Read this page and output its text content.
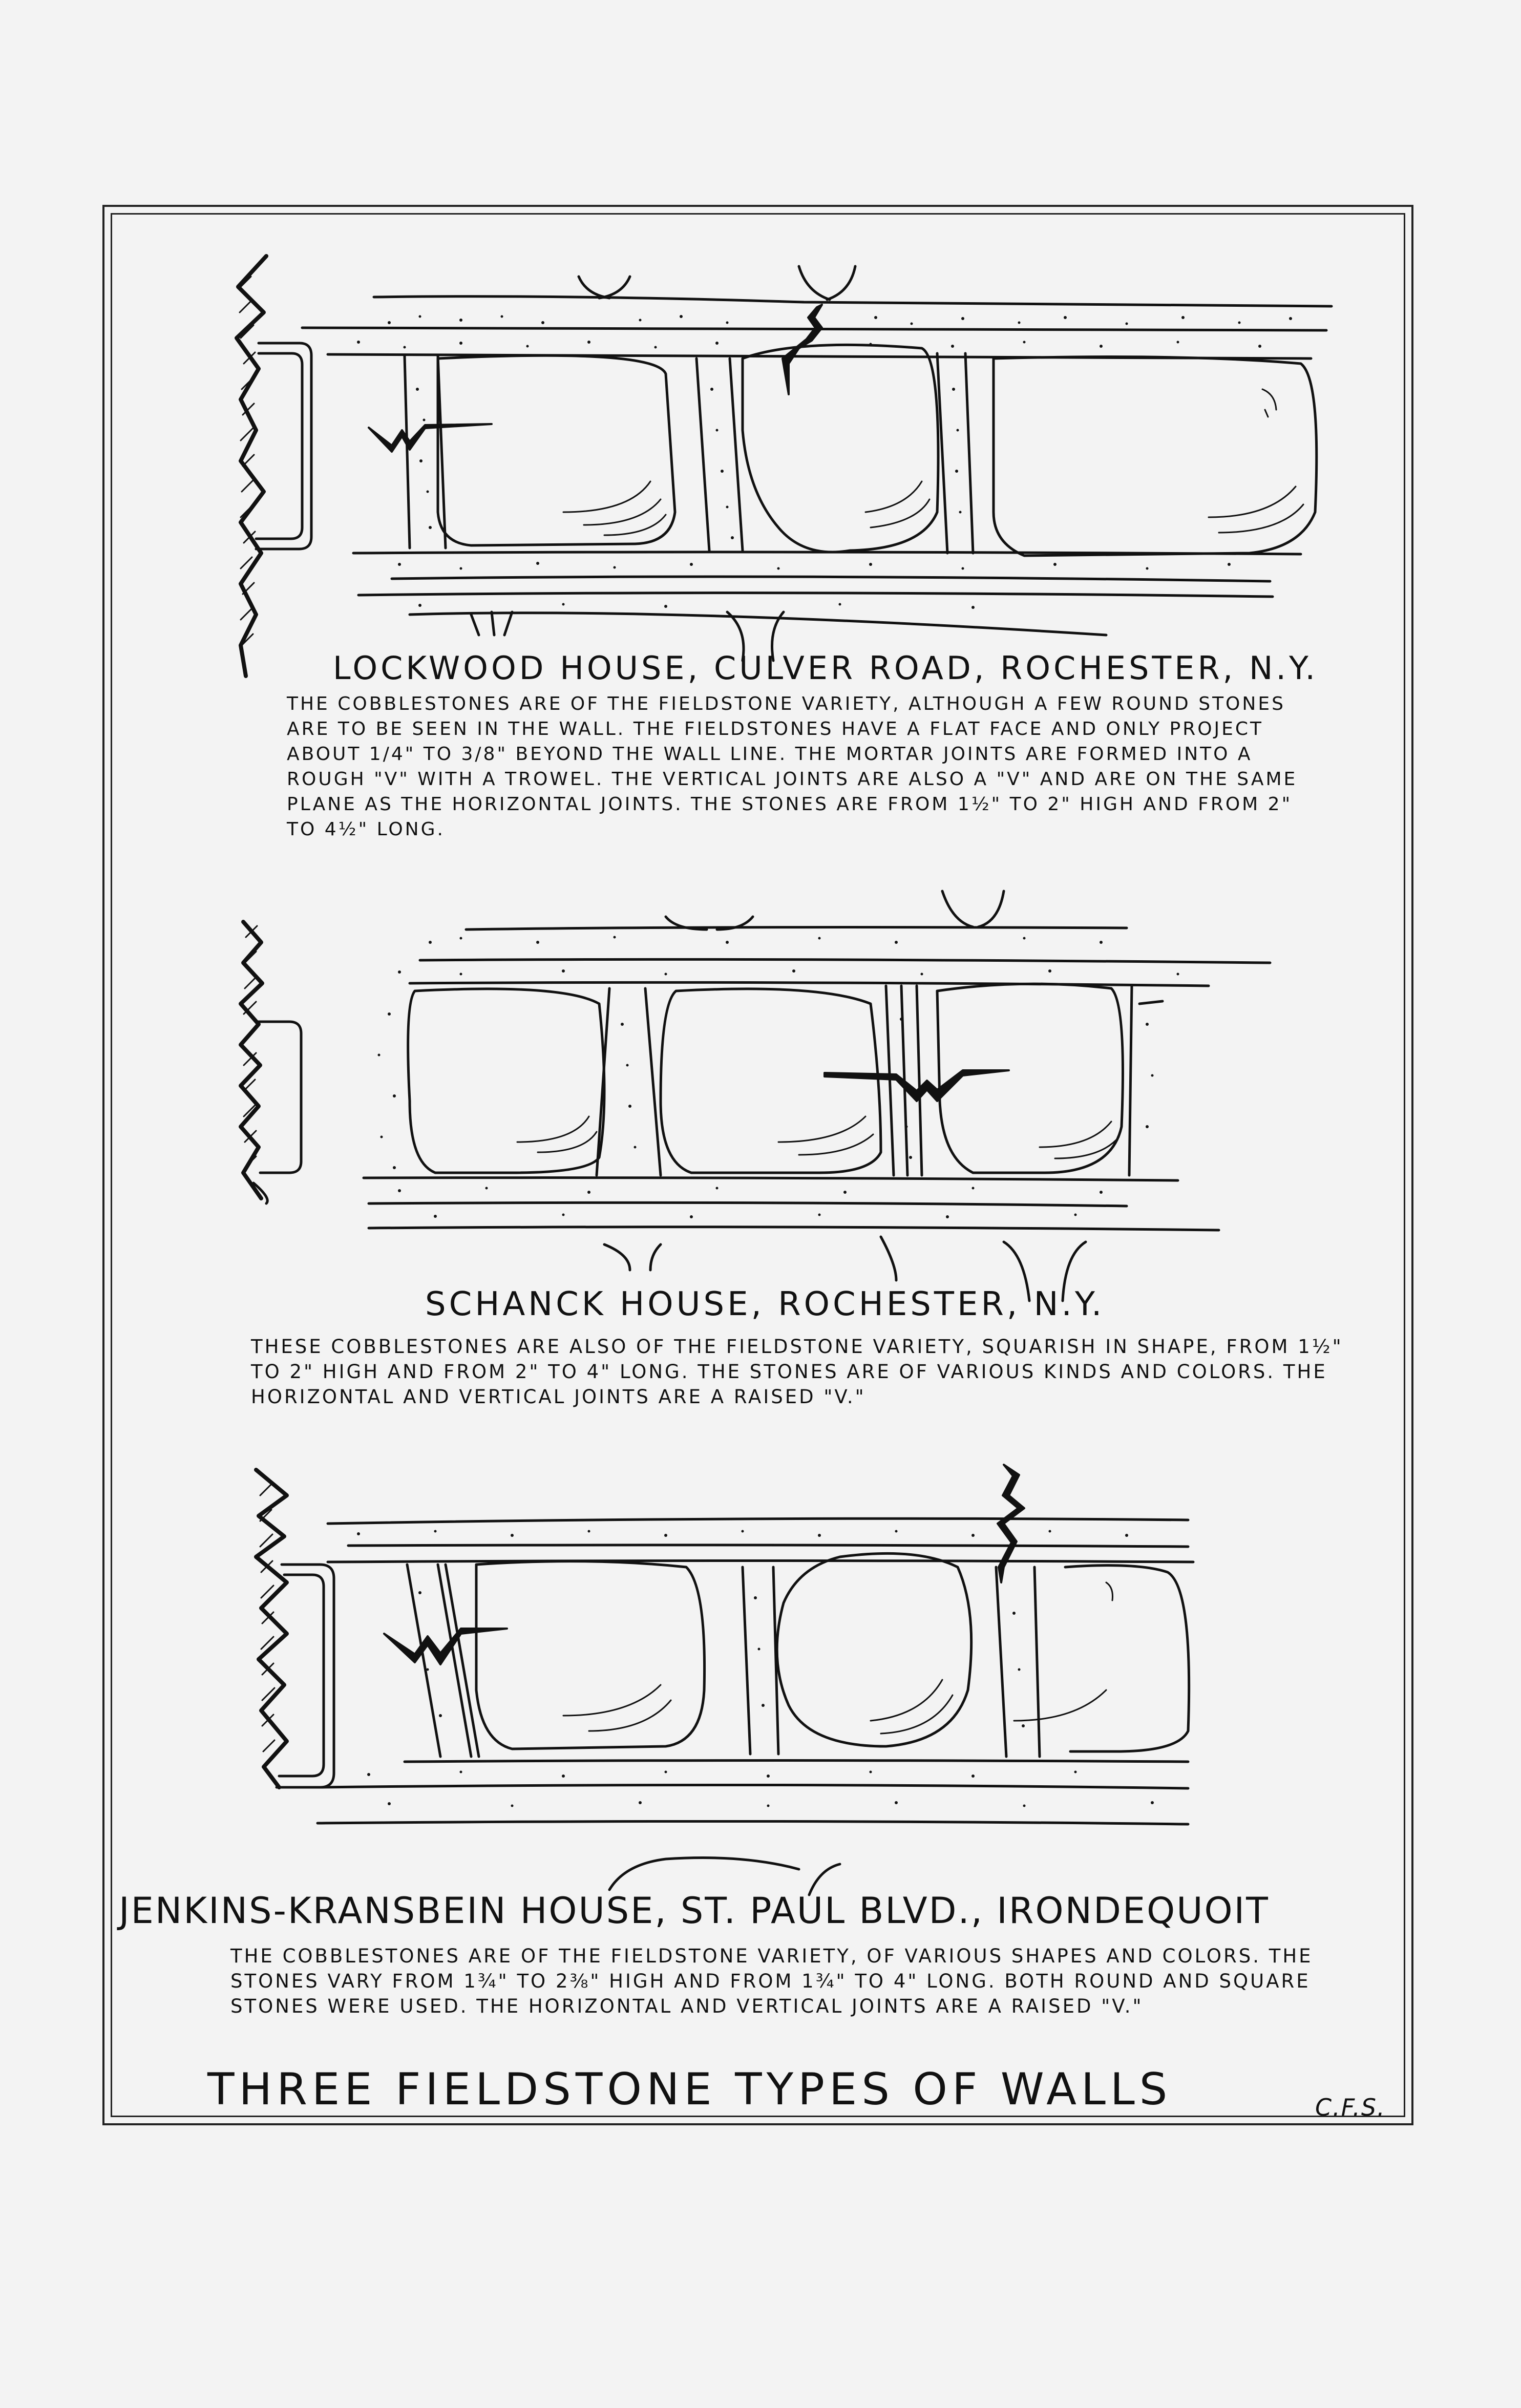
LOCKWOOD HOUSE, CULVER ROAD, ROCHESTER, N.Y.
THE COBBLESTONES ARE OF THE FIELDSTONE VARIETY, ALTHOUGH A FEW ROUND STONES ARE TO BE SEEN IN THE WALL. THE FIELDSTONES HAVE A FLAT FACE AND ONLY PROJECT ABOUT 1/4" TO 3/8" BEYOND THE WALL LINE. THE MORTAR JOINTS ARE FORMED INTO A ROUGH "V" WITH A TROWEL. THE VERTICAL JOINTS ARE ALSO A "V" AND ARE ON THE SAME PLANE AS THE HORIZONTAL JOINTS. THE STONES ARE FROM 1½" TO 2" HIGH AND FROM 2" TO 4½" LONG.
SCHANCK HOUSE, ROCHESTER, N.Y.
THESE COBBLESTONES ARE ALSO OF THE FIELDSTONE VARIETY, SQUARISH IN SHAPE, FROM 1½" TO 2" HIGH AND FROM 2" TO 4" LONG. THE STONES ARE OF VARIOUS KINDS AND COLORS. THE HORIZONTAL AND VERTICAL JOINTS ARE A RAISED "V."
JENKINS-KRANSBEIN HOUSE, ST. PAUL BLVD., IRONDEQUOIT
THE COBBLESTONES ARE OF THE FIELDSTONE VARIETY, OF VARIOUS SHAPES AND COLORS. THE STONES VARY FROM 1¾" TO 2⅜" HIGH AND FROM 1¾" TO 4" LONG. BOTH ROUND AND SQUARE STONES WERE USED. THE HORIZONTAL AND VERTICAL JOINTS ARE A RAISED "V."
THREE FIELDSTONE TYPES OF WALLS	C.F.S.
